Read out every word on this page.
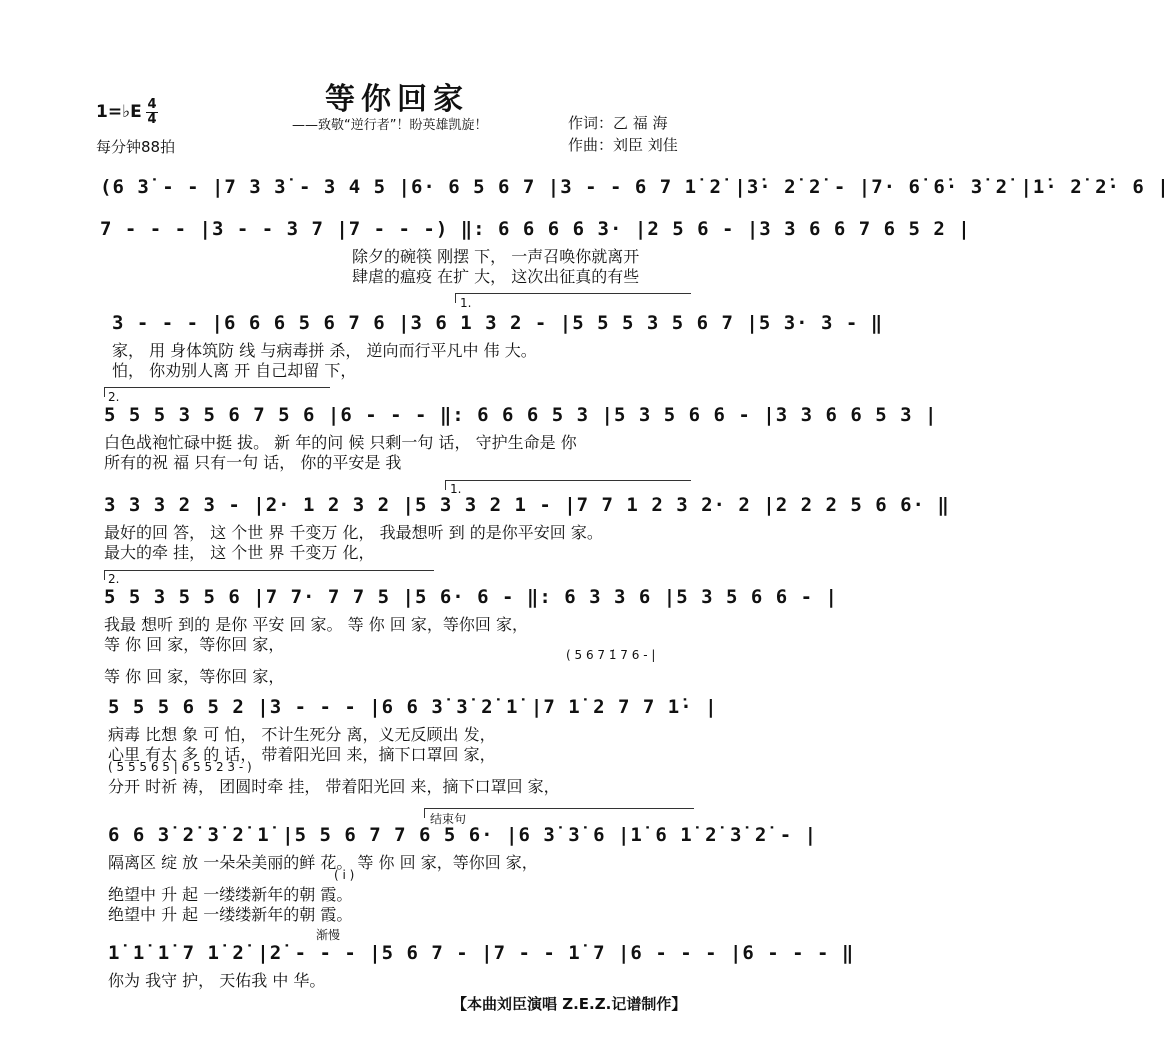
等你回家
——致敬“逆行者”！盼英雄凯旋！	作词：乙 福 海
作曲：刘臣 刘佳
1=♭E 4
4
每分钟88拍
(6 3̇ - - |7 3 3̇ - 3 4 5 |6· 6 5 6 7 |3 - - 6 7 1̇ 2̇ |3̇· 2̇ 2̇ - |7· 6̇ 6̇· 3̇ 2̇ |1̇· 2̇ 2̇· 6 |
7 - - - |3 - - 3 7 |7 - - -) ‖: 6 6 6 6 3· |2 5 6 - |3 3 6 6 7 6 5 2 |
除夕的碗筷 刚摆 下， 一声召唤你就离开
肆虐的瘟疫 在扩 大， 这次出征真的有些
1.
3 - - - |6 6 6 5 6 7 6 |3 6 1 3 2 - |5 5 5 3 5 6 7 |5 3· 3 - ‖
家， 用 身体筑防 线 与病毒拼 杀， 逆向而行平凡中 伟 大。
怕， 你劝别人离 开 自己却留 下，
2.
5 5 5 3 5 6 7 5 6 |6 - - - ‖: 6 6 6 5 3 |5 3 5 6 6 - |3 3 6 6 5 3 |
白色战袍忙碌中挺 拔。 新 年的问 候 只剩一句 话， 守护生命是 你
所有的祝 福 只有一句 话， 你的平安是 我
1.
3 3 3 2 3 - |2· 1 2 3 2 |5 3 3 2 1 - |7 7 1 2 3 2· 2 |2 2 2 5 6 6· ‖
最好的回 答， 这 个世 界 千变万 化， 我最想听 到 的是你平安回 家。
最大的牵 挂， 这 个世 界 千变万 化，
2.
5 5 3 5 5 6 |7 7· 7 7 5 |5 6· 6 - ‖: 6 3 3 6 |5 3 5 6 6 - |
我最 想听 到的 是你 平安 回 家。 等 你 回 家，等你回 家，
等 你 回 家，等你回 家，
( 5 6 7 1̇ 7 6 - |
等 你 回 家，等你回 家，
5 5 5 6 5 2 |3 - - - |6 6 3̇ 3̇ 2̇ 1̇ |7 1̇ 2 7 7 1̇· |
病毒 比想 象 可 怕， 不计生死分 离，义无反顾出 发，
心里 有太 多 的 话， 带着阳光回 来，摘下口罩回 家，
( 5 5 5 6 5 | 6 5 5 2 3 - )
分开 时祈 祷， 团圆时牵 挂， 带着阳光回 来，摘下口罩回 家，
结束句
6 6 3̇ 2̇ 3̇ 2̇ 1̇ |5 5 6 7 7 6 5 6· |6 3̇ 3̇ 6 |1̇ 6 1̇ 2̇ 3̇ 2̇ - |
隔离区 绽 放 一朵朵美丽的鲜 花。 等 你 回 家，等你回 家，
( i )
绝望中 升 起 一缕缕新年的朝 霞。
绝望中 升 起 一缕缕新年的朝 霞。
渐慢
1̇ 1̇ 1̇ 7 1̇ 2̇ |2̇ - - - |5 6 7 - |7 - - 1̇ 7 |6 - - - |6 - - - ‖
你为 我守 护， 天佑我 中 华。
【本曲刘臣演唱 Z.E.Z.记谱制作】
